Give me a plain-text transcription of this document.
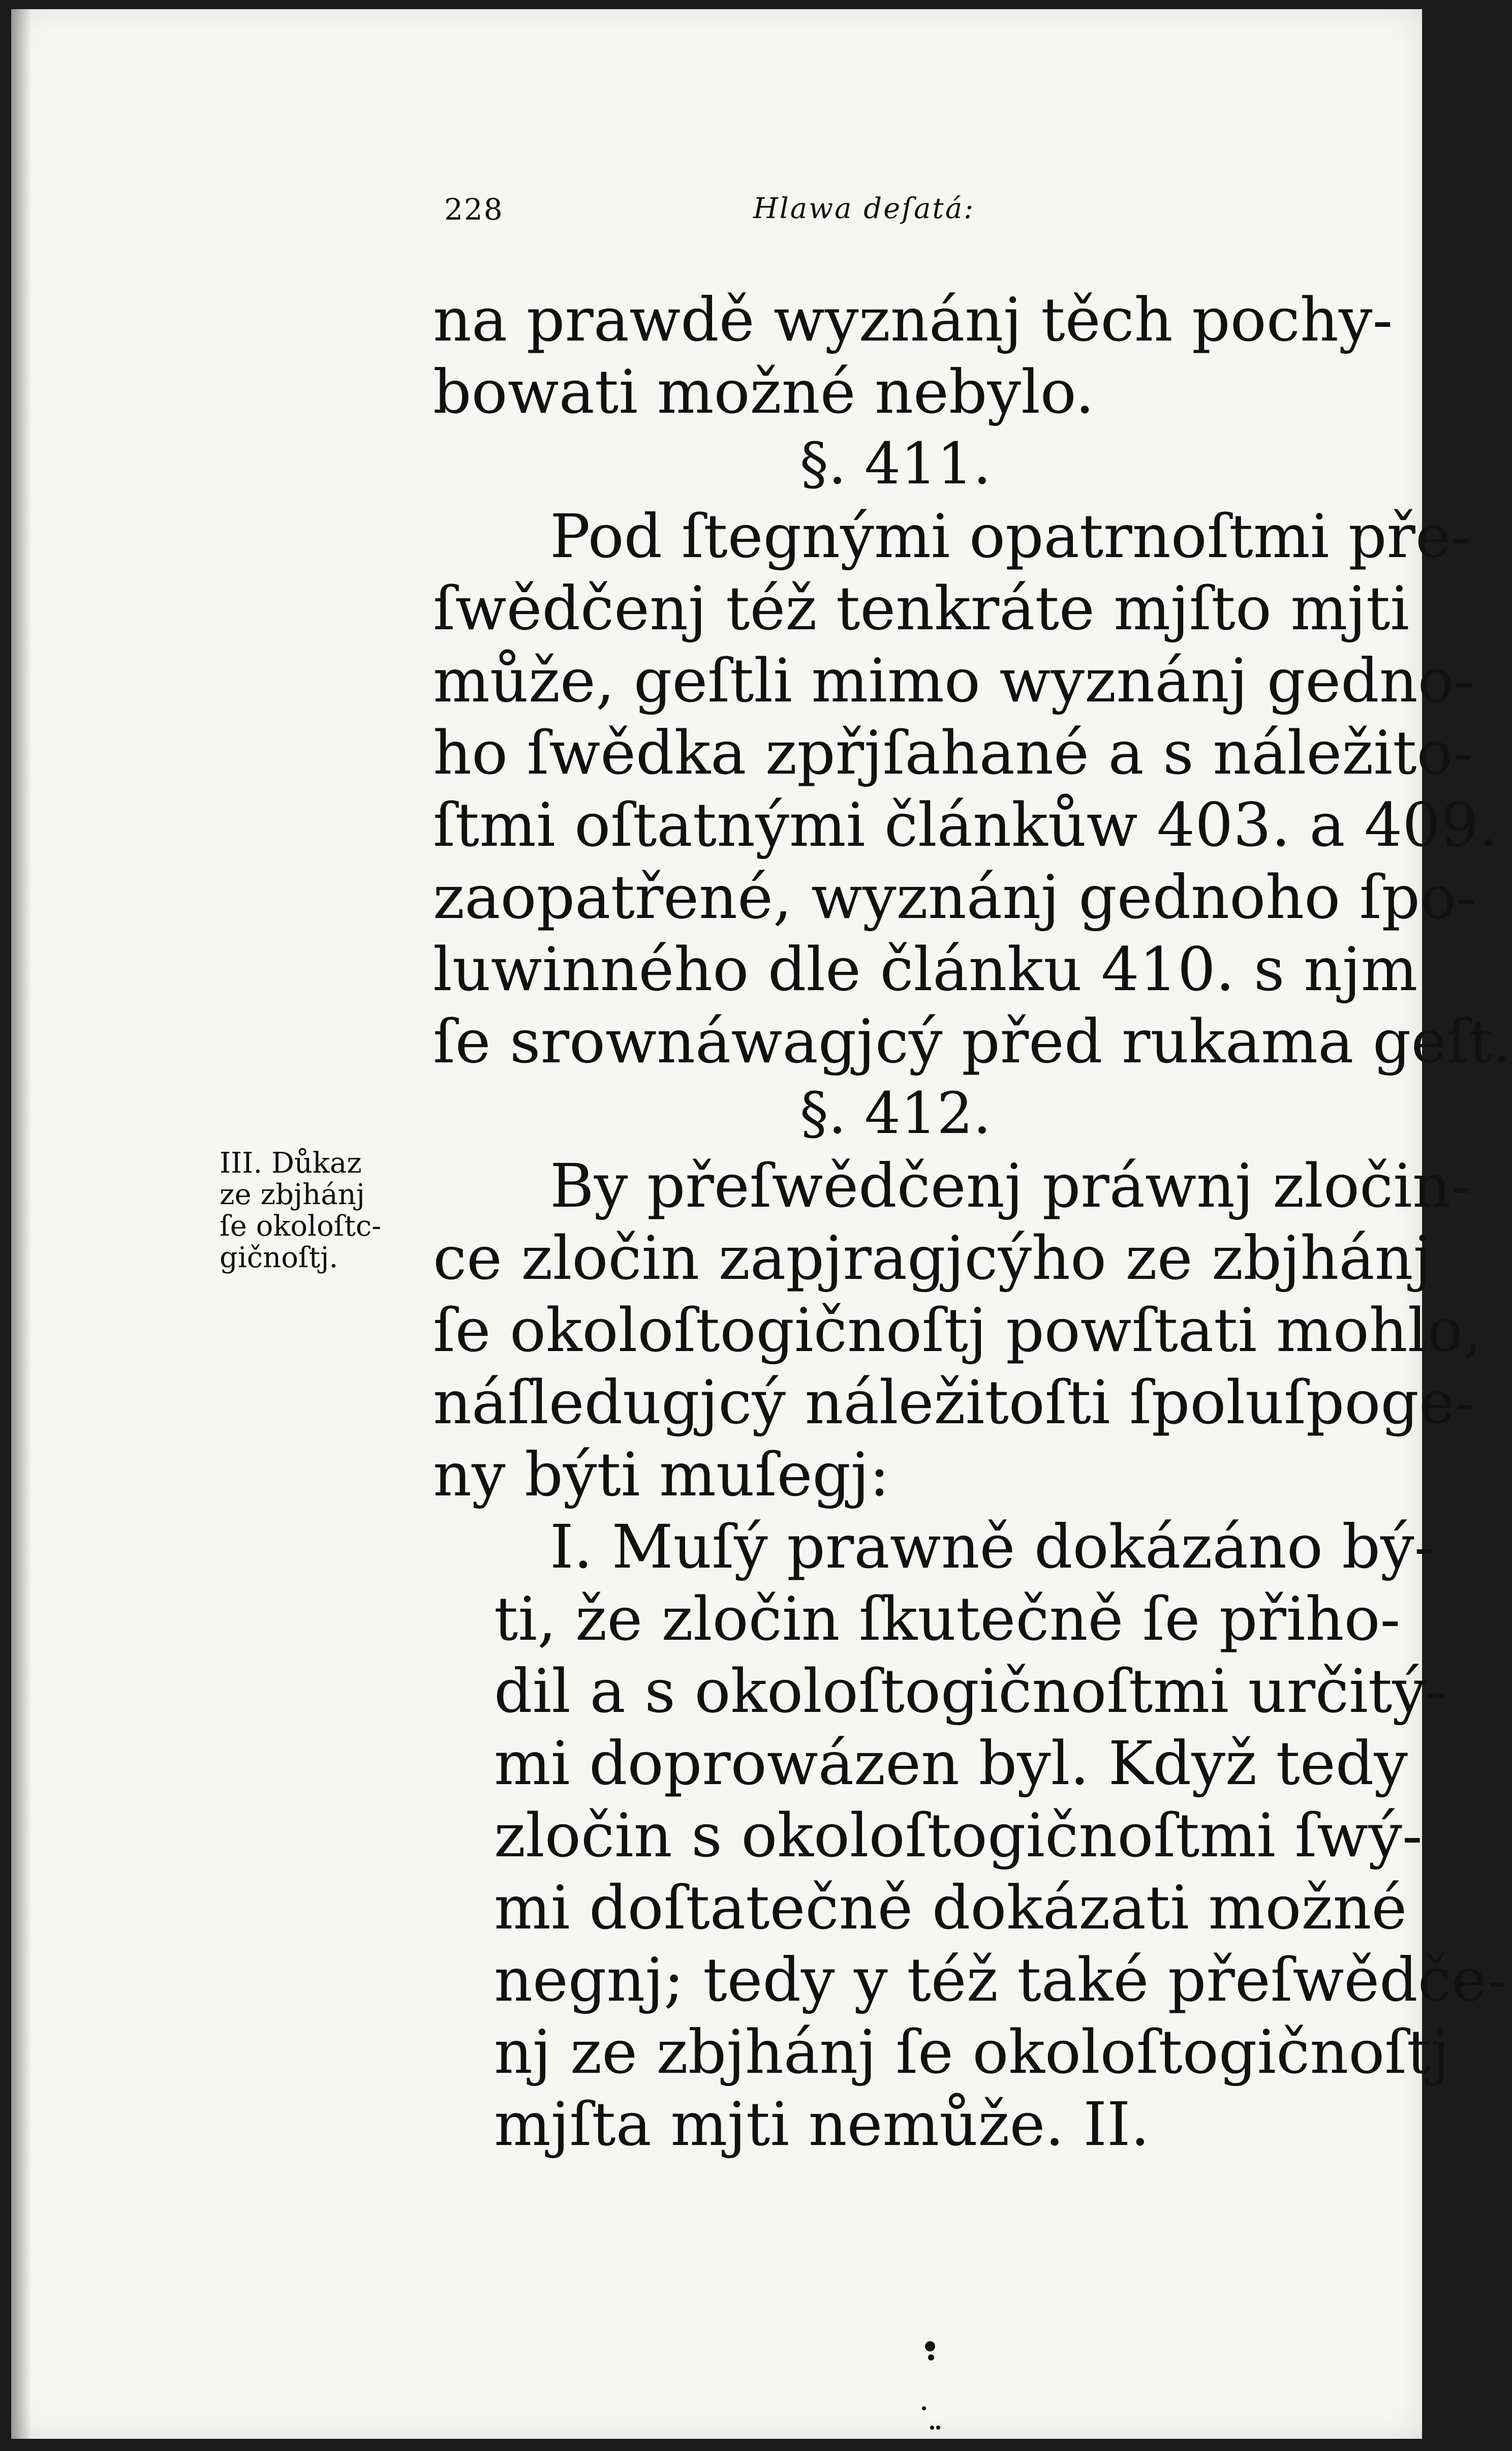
228	Hlawa deſatá:
III. Důkaz
ze zbjhánj
ſe okoloſtc-
gičnoſtj.
na prawdě wyznánj těch pochy-
bowati možné nebylo.
§. 411.
Pod ſtegnými opatrnoſtmi pře-
ſwědčenj též tenkráte mjſto mjti
může, geſtli mimo wyznánj gedno-
ho ſwědka zpřjſahané a s náležito-
ſtmi oſtatnými článkůw 403. a 409.
zaopatřené, wyznánj gednoho ſpo-
luwinného dle článku 410. s njm
ſe srownáwagjcý před rukama geſt.
§. 412.
By přeſwědčenj práwnj zločin-
ce zločin zapjragjcýho ze zbjhánj
ſe okoloſtogičnoſtj powſtati mohlo,
náſledugjcý náležitoſti ſpoluſpoge-
ny býti muſegj:
I. Muſý prawně dokázáno bý-
ti, že zločin ſkutečně ſe přiho-
dil a s okoloſtogičnoſtmi určitý-
mi doprowázen byl. Když tedy
zločin s okoloſtogičnoſtmi ſwý-
mi doſtatečně dokázati možné
negnj; tedy y též také přeſwědče-
nj ze zbjhánj ſe okoloſtogičnoſtj
mjſta mjti nemůže. II.
